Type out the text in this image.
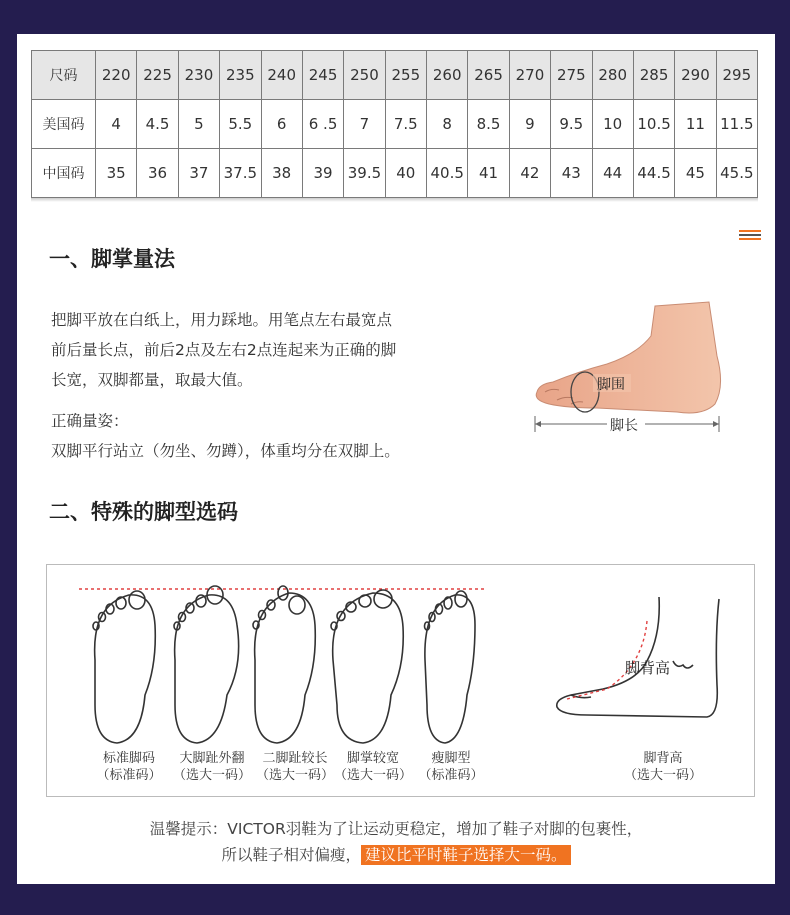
尺码	220	225	230	235	240	245	250	255	260	265	270	275	280	285	290	295
美国码	4	4.5	5	5.5	6	6 .5	7	7.5	8	8.5	9	9.5	10	10.5	11	11.5
中国码	35	36	37	37.5	38	39	39.5	40	40.5	41	42	43	44	44.5	45	45.5
一、脚掌量法

把脚平放在白纸上，用力踩地。用笔点左右最宽点
前后量长点，前后2点及左右2点连起来为正确的脚
长宽，双脚都量，取最大值。

正确量姿：

双脚平行站立（勿坐、勿蹲），体重均分在双脚上。

脚围
脚长
二、特殊的脚型选码
标准脚码
（标准码）
大脚趾外翻
（选大一码）
二脚趾较长
（选大一码）
脚掌较宽
（选大一码）
瘦脚型
（标准码）
脚背高
（选大一码）
脚背高
温馨提示：VICTOR羽鞋为了让运动更稳定，增加了鞋子对脚的包裹性，
所以鞋子相对偏瘦， 建议比平时鞋子选择大一码。
